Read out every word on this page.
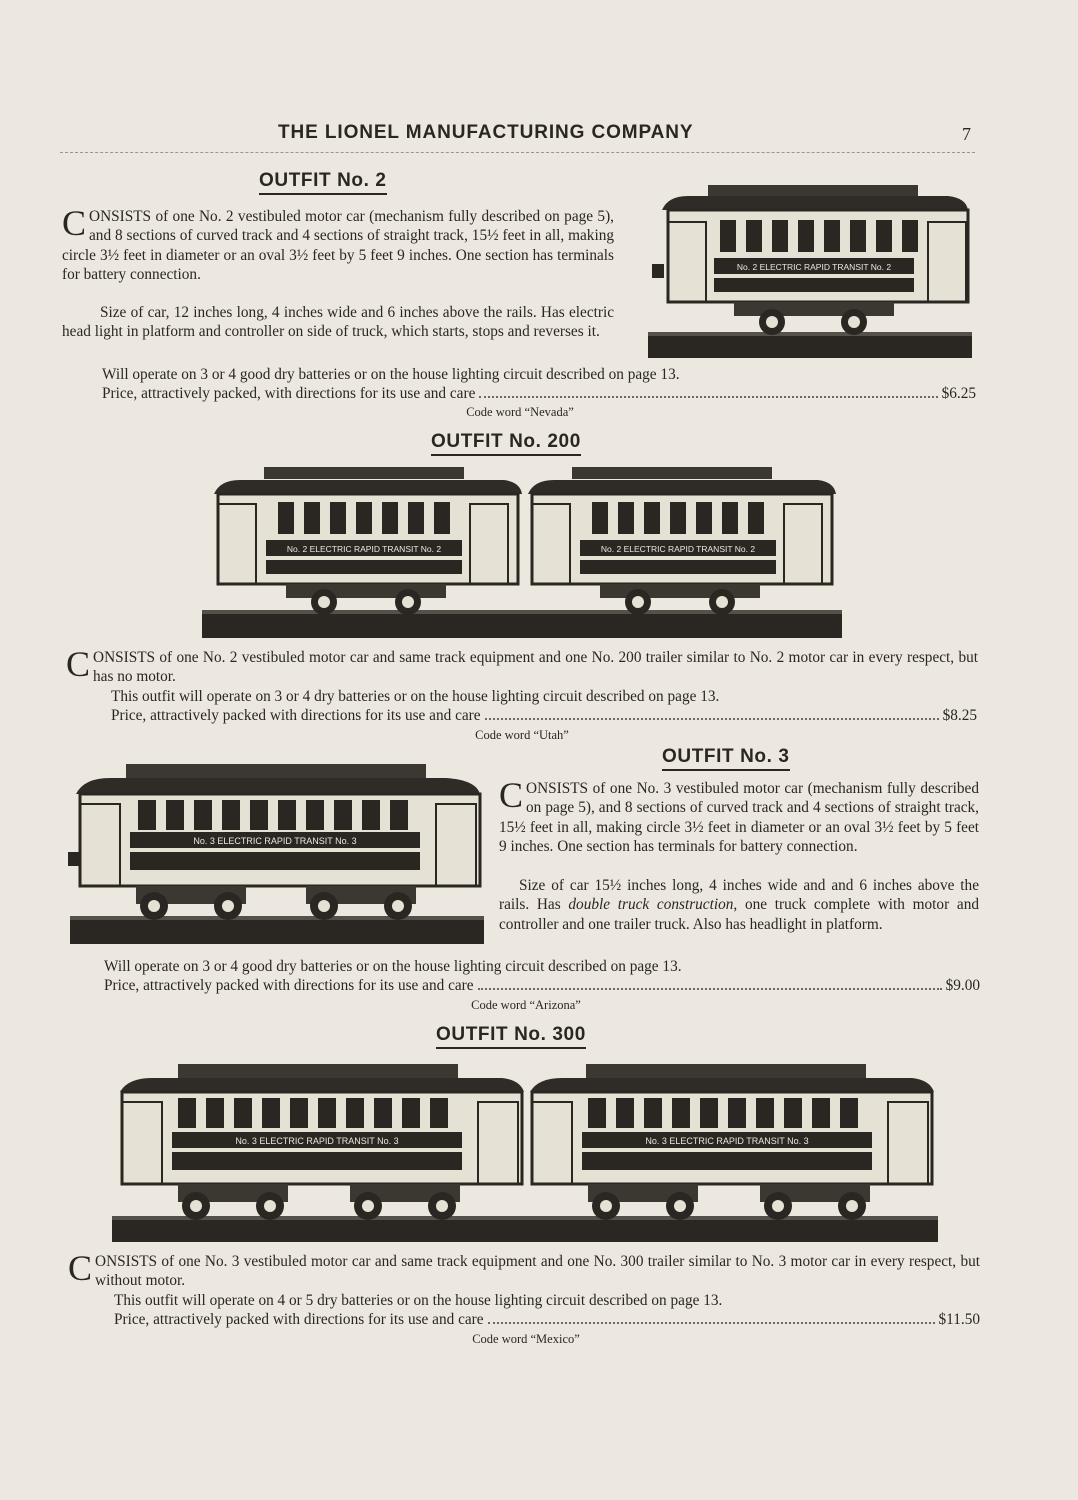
THE LIONEL MANUFACTURING COMPANY	7
OUTFIT No. 2

CONSISTS of one No. 2 vestibuled motor car (mechanism fully described on page 5), and 8 sections of curved track and 4 sections of straight track, 15½ feet in all, making circle 3½ feet in diameter or an oval 3½ feet by 5 feet 9 inches. One section has terminals for battery connection.

Size of car, 12 inches long, 4 inches wide and 6 inches above the rails. Has electric head light in platform and controller on side of truck, which starts, stops and reverses it.

No. 2 ELECTRIC RAPID TRANSIT No. 2
Will operate on 3 or 4 good dry batteries or on the house lighting circuit described on page 13.
Price, attractively packed, with directions for its use and care	$6.25
Code word “Nevada”
OUTFIT No. 200
No. 2 ELECTRIC RAPID TRANSIT No. 2	No. 2 ELECTRIC RAPID TRANSIT No. 2

CONSISTS of one No. 2 vestibuled motor car and same track equipment and one No. 200 trailer similar to No. 2 motor car in every respect, but has no motor.

This outfit will operate on 3 or 4 dry batteries or on the house lighting circuit described on page 13.
Price, attractively packed with directions for its use and care	$8.25
Code word “Utah”
OUTFIT No. 3
No. 3 ELECTRIC RAPID TRANSIT No. 3

CONSISTS of one No. 3 vestibuled motor car (mechanism fully described on page 5), and 8 sections of curved track and 4 sections of straight track, 15½ feet in all, making circle 3½ feet in diameter or an oval 3½ feet by 5 feet 9 inches. One section has terminals for battery connection.

Size of car 15½ inches long, 4 inches wide and and 6 inches above the rails. Has double truck construction, one truck complete with motor and controller and one trailer truck. Also has headlight in platform.

Will operate on 3 or 4 good dry batteries or on the house lighting circuit described on page 13.
Price, attractively packed with directions for its use and care	$9.00
Code word “Arizona”
OUTFIT No. 300
No. 3 ELECTRIC RAPID TRANSIT No. 3	No. 3 ELECTRIC RAPID TRANSIT No. 3

CONSISTS of one No. 3 vestibuled motor car and same track equipment and one No. 300 trailer similar to No. 3 motor car in every respect, but without motor.

This outfit will operate on 4 or 5 dry batteries or on the house lighting circuit described on page 13.
Price, attractively packed with directions for its use and care	$11.50
Code word “Mexico”
